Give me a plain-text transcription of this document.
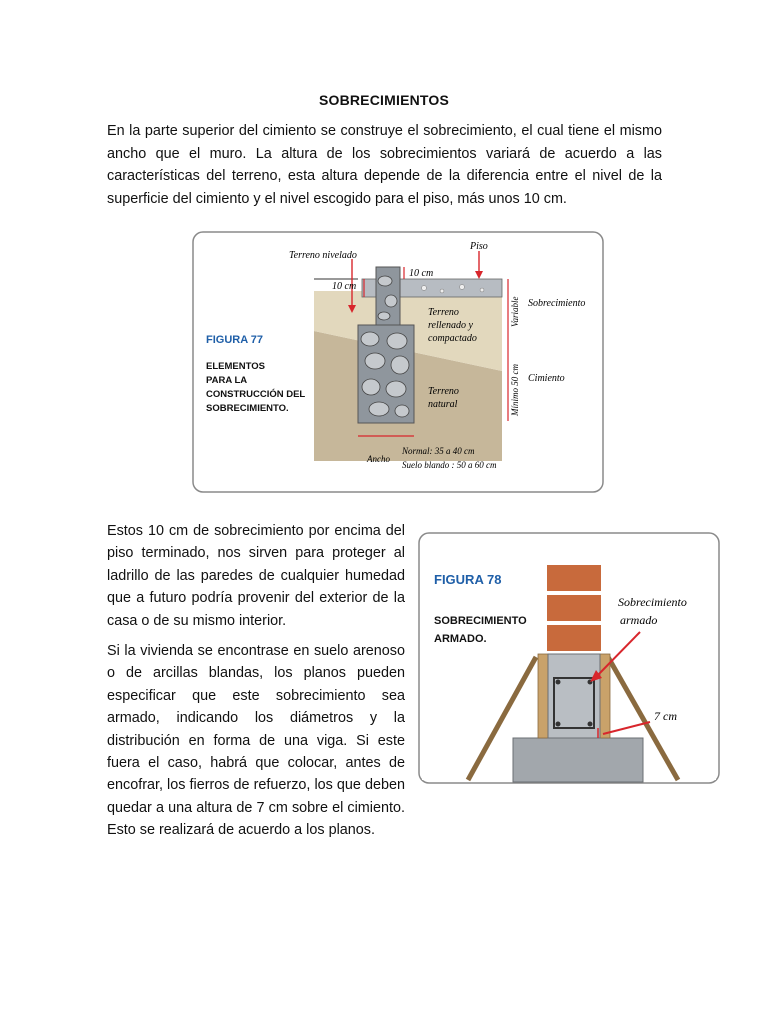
SOBRECIMIENTOS
En la parte superior del cimiento se construye el sobrecimiento, el cual tiene el mismo ancho que el muro. La altura de los sobrecimientos variará de acuerdo a las características del terreno, esta altura depende de la diferencia entre el nivel de la superficie del cimiento y el nivel escogido para el piso, más unos 10 cm.
Terreno nivelado
Piso
10 cm
10 cm
Variable Sobrecimiento
Terreno
rellenado y
compactado
Mínimo 50 cm Cimiento
Terreno
natural
Ancho
Normal: 35 a 40 cm
Suelo blando : 50 a 60 cm
FIGURA 77
ELEMENTOS
PARA LA
CONSTRUCCIÓN DEL
SOBRECIMIENTO.

Estos 10 cm de sobrecimiento por encima del piso terminado, nos sirven para proteger al ladrillo de las paredes de cualquier humedad que a futuro podría provenir del exterior de la casa o de su mismo interior.

Si la vivienda se encontrase en suelo arenoso o de arcillas blandas, los planos pueden especificar que este sobrecimiento sea armado, indicando los diámetros y la distribución en forma de una viga. Si este fuera el caso, habrá que colocar, antes de encofrar, los fierros de refuerzo, los que deben quedar a una altura de 7 cm sobre el cimiento. Esto se realizará de acuerdo a los planos.

FIGURA 78
SOBRECIMIENTO
ARMADO.
Sobrecimiento
armado
7 cm
